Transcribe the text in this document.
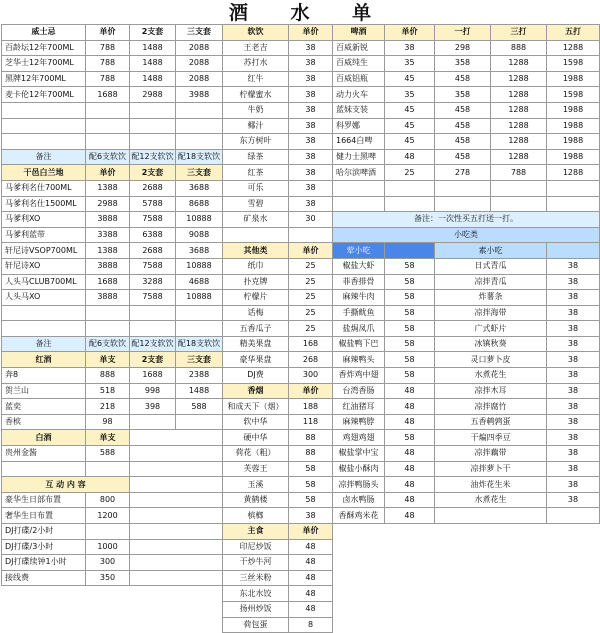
酒 水 单
威士忌	单价	2支套	三支套
百龄坛12年700ML	788	1488	2088
芝华士12年700ML	788	1488	2088
黑牌12年700ML	788	1488	2088
麦卡伦12年700ML	1688	2988	3988

备注	配6支软饮	配12支软饮	配18支软饮
干邑白兰地	单价	2支套	三支套
马爹利名仕700ML	1388	2688	3688
马爹利名仕1500ML	2988	5788	8688
马爹利XO	3888	7588	10888
马爹利蓝带	3388	6388	9088
轩尼诗VSOP700ML	1388	2688	3688
轩尼诗XO	3888	7588	10888
人头马CLUB700ML	1688	3288	4688
人头马XO	3888	7588	10888

备注	配6支软饮	配12支软饮	配18支软饮
红酒	单支	2支套	三支套
奔8	888	1688	2388
贺兰山	518	998	1488
蓝奕	218	398	588
香槟	98		
白酒	单支		
贵州金酱	588		

互 动 内 容			
豪华生日部布置	800		
奢华生日布置	1200		
DJ打碟/2小时			
DJ打碟/3小时	1000		
DJ打碟续钟1小时	300		
接线费	350		
软饮	单价
王老吉	38
苏打水	38
红牛	38
柠檬蜜水	38
牛奶	38
椰汁	38
东方树叶	38
绿茶	38
红茶	38
可乐	38
雪碧	38
矿泉水	30

其他类	单价
纸巾	25
扑克牌	25
柠檬片	25
话梅	25
五香瓜子	25
精美果盘	168
豪华果盘	268
DJ费	300
香烟	单价
和成天下（烟）	188
软中华	118
硬中华	88
荷花（粗）	88
芙蓉王	58
玉溪	58
黄鹤楼	58
槟榔	38
主食	单价
印尼炒饭	48
干炒牛河	48
三丝米粉	48
东北水饺	48
扬州炒饭	48
荷包蛋	8
啤酒	单价	一打	三打	五打
百威新锐	38	298	888	1288
百威纯生	35	358	1288	1598
百威铝瓶	45	458	1288	1988
动力火车	35	358	1288	1598
蓝妹支装	45	458	1288	1988
科罗娜	45	458	1288	1988
1664白啤	45	458	1288	1988
健力士黑啤	48	458	1288	1988
哈尔滨啤酒	25	278	788	1288

备注：一次性买五打送一打。				
小吃类				
荤小吃		素小吃		
椒盐大虾	58	日式青瓜		38
菲香排骨	58	凉拌青瓜		38
麻辣牛肉	58	炸薯条		38
手撕鱿鱼	58	凉拌海带		38
盐焗凤爪	58	广式虾片		38
椒盐鸭下巴	58	冰镇秋葵		38
麻辣鸭头	58	灵口萝卜皮		38
香炸鸡中翅	58	水煮花生		38
台湾香肠	48	凉拌木耳		38
红油猪耳	48	凉拌腐竹		38
麻辣鸭脖	48	五香鹌鹑蛋		38
鸡翅鸡翅	58	干煸四季豆		38
椒盐掌中宝	48	凉拌藕带		38
椒盐小酥肉	48	凉拌萝卜干		38
凉拌鸭肠头	48	油炸花生米		38
卤水鸭肠	48	水煮花生		38
香酥鸡米花	48			
